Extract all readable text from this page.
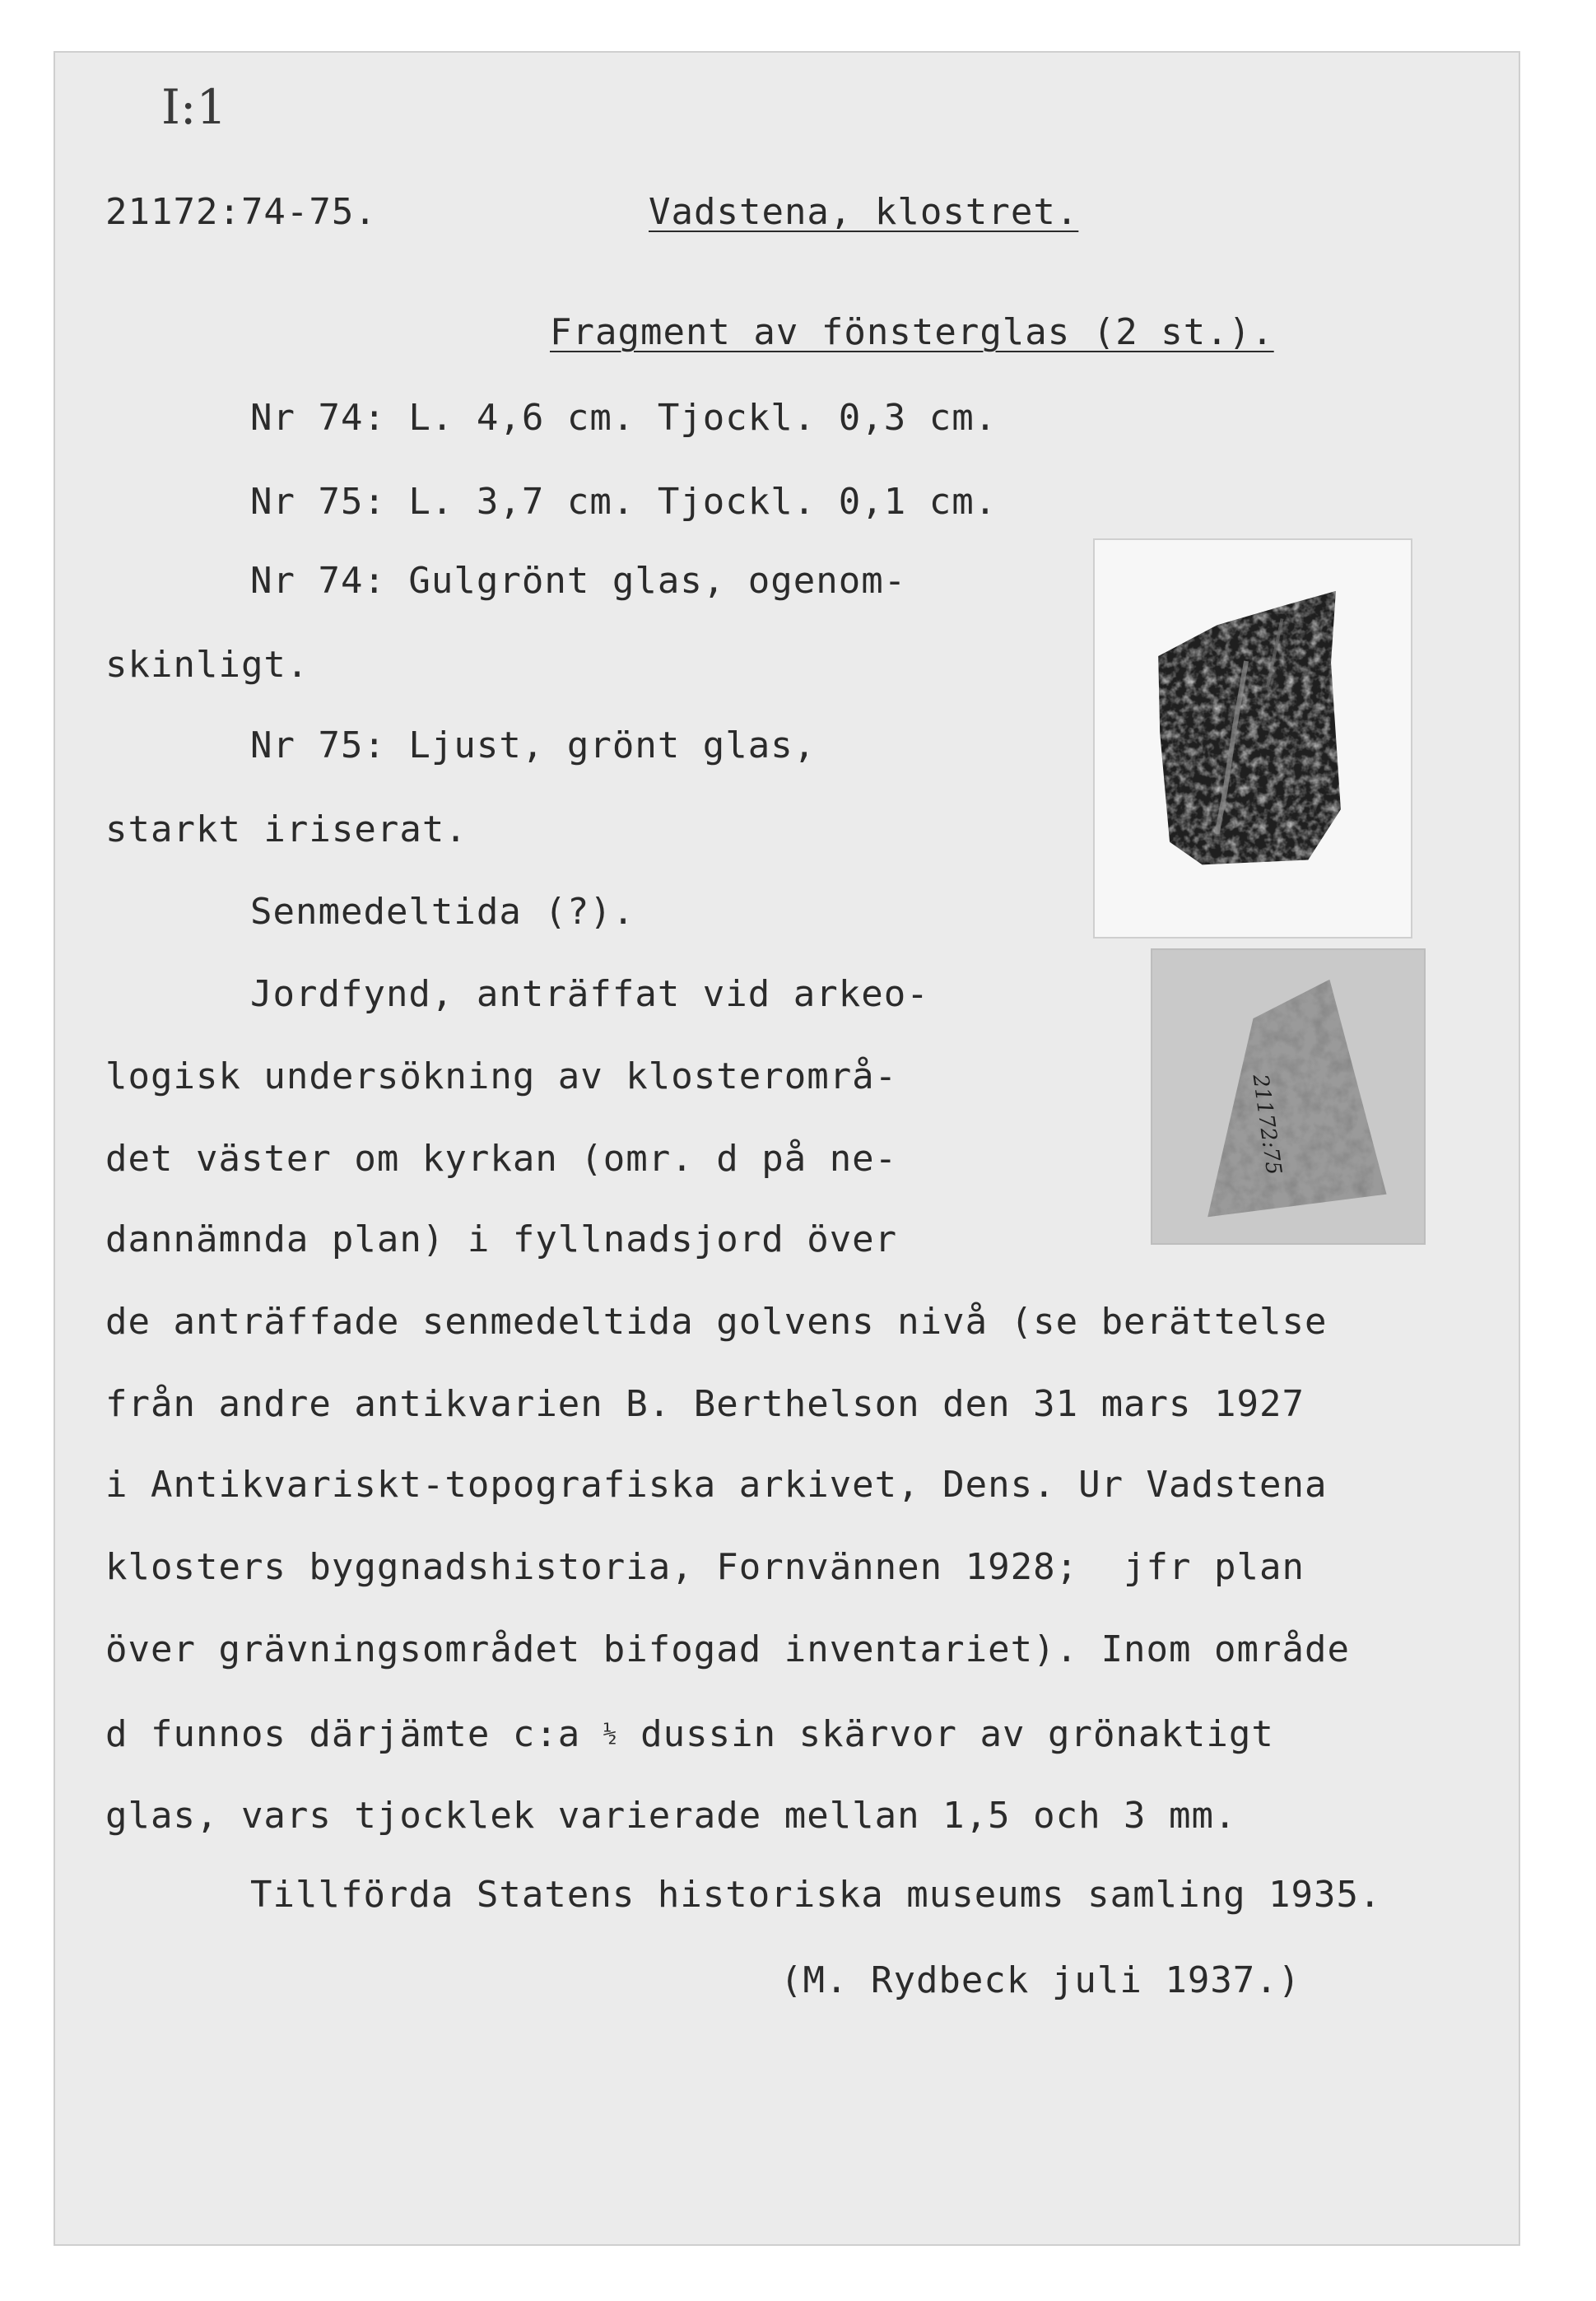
I:1
21172:74-75.	Vadstena, klostret.
Fragment av fönsterglas (2 st.).
Nr 74: L. 4,6 cm. Tjockl. 0,3 cm.
Nr 75: L. 3,7 cm. Tjockl. 0,1 cm.
Nr 74: Gulgrönt glas, ogenom-
skinligt.
Nr 75: Ljust, grönt glas,
starkt iriserat.
Senmedeltida (?).
Jordfynd, anträffat vid arkeo-
logisk undersökning av klosterområ-
det väster om kyrkan (omr. d på ne-
dannämnda plan) i fyllnadsjord över
de anträffade senmedeltida golvens nivå (se berättelse
från andre antikvarien B. Berthelson den 31 mars 1927
i Antikvariskt-topografiska arkivet, Dens. Ur Vadstena
klosters byggnadshistoria, Fornvännen 1928;  jfr plan
över grävningsområdet bifogad inventariet). Inom område
d funnos därjämte c:a ½ dussin skärvor av grönaktigt
glas, vars tjocklek varierade mellan 1,5 och 3 mm.
Tillförda Statens historiska museums samling 1935.
(M. Rydbeck juli 1937.)
21172:75
